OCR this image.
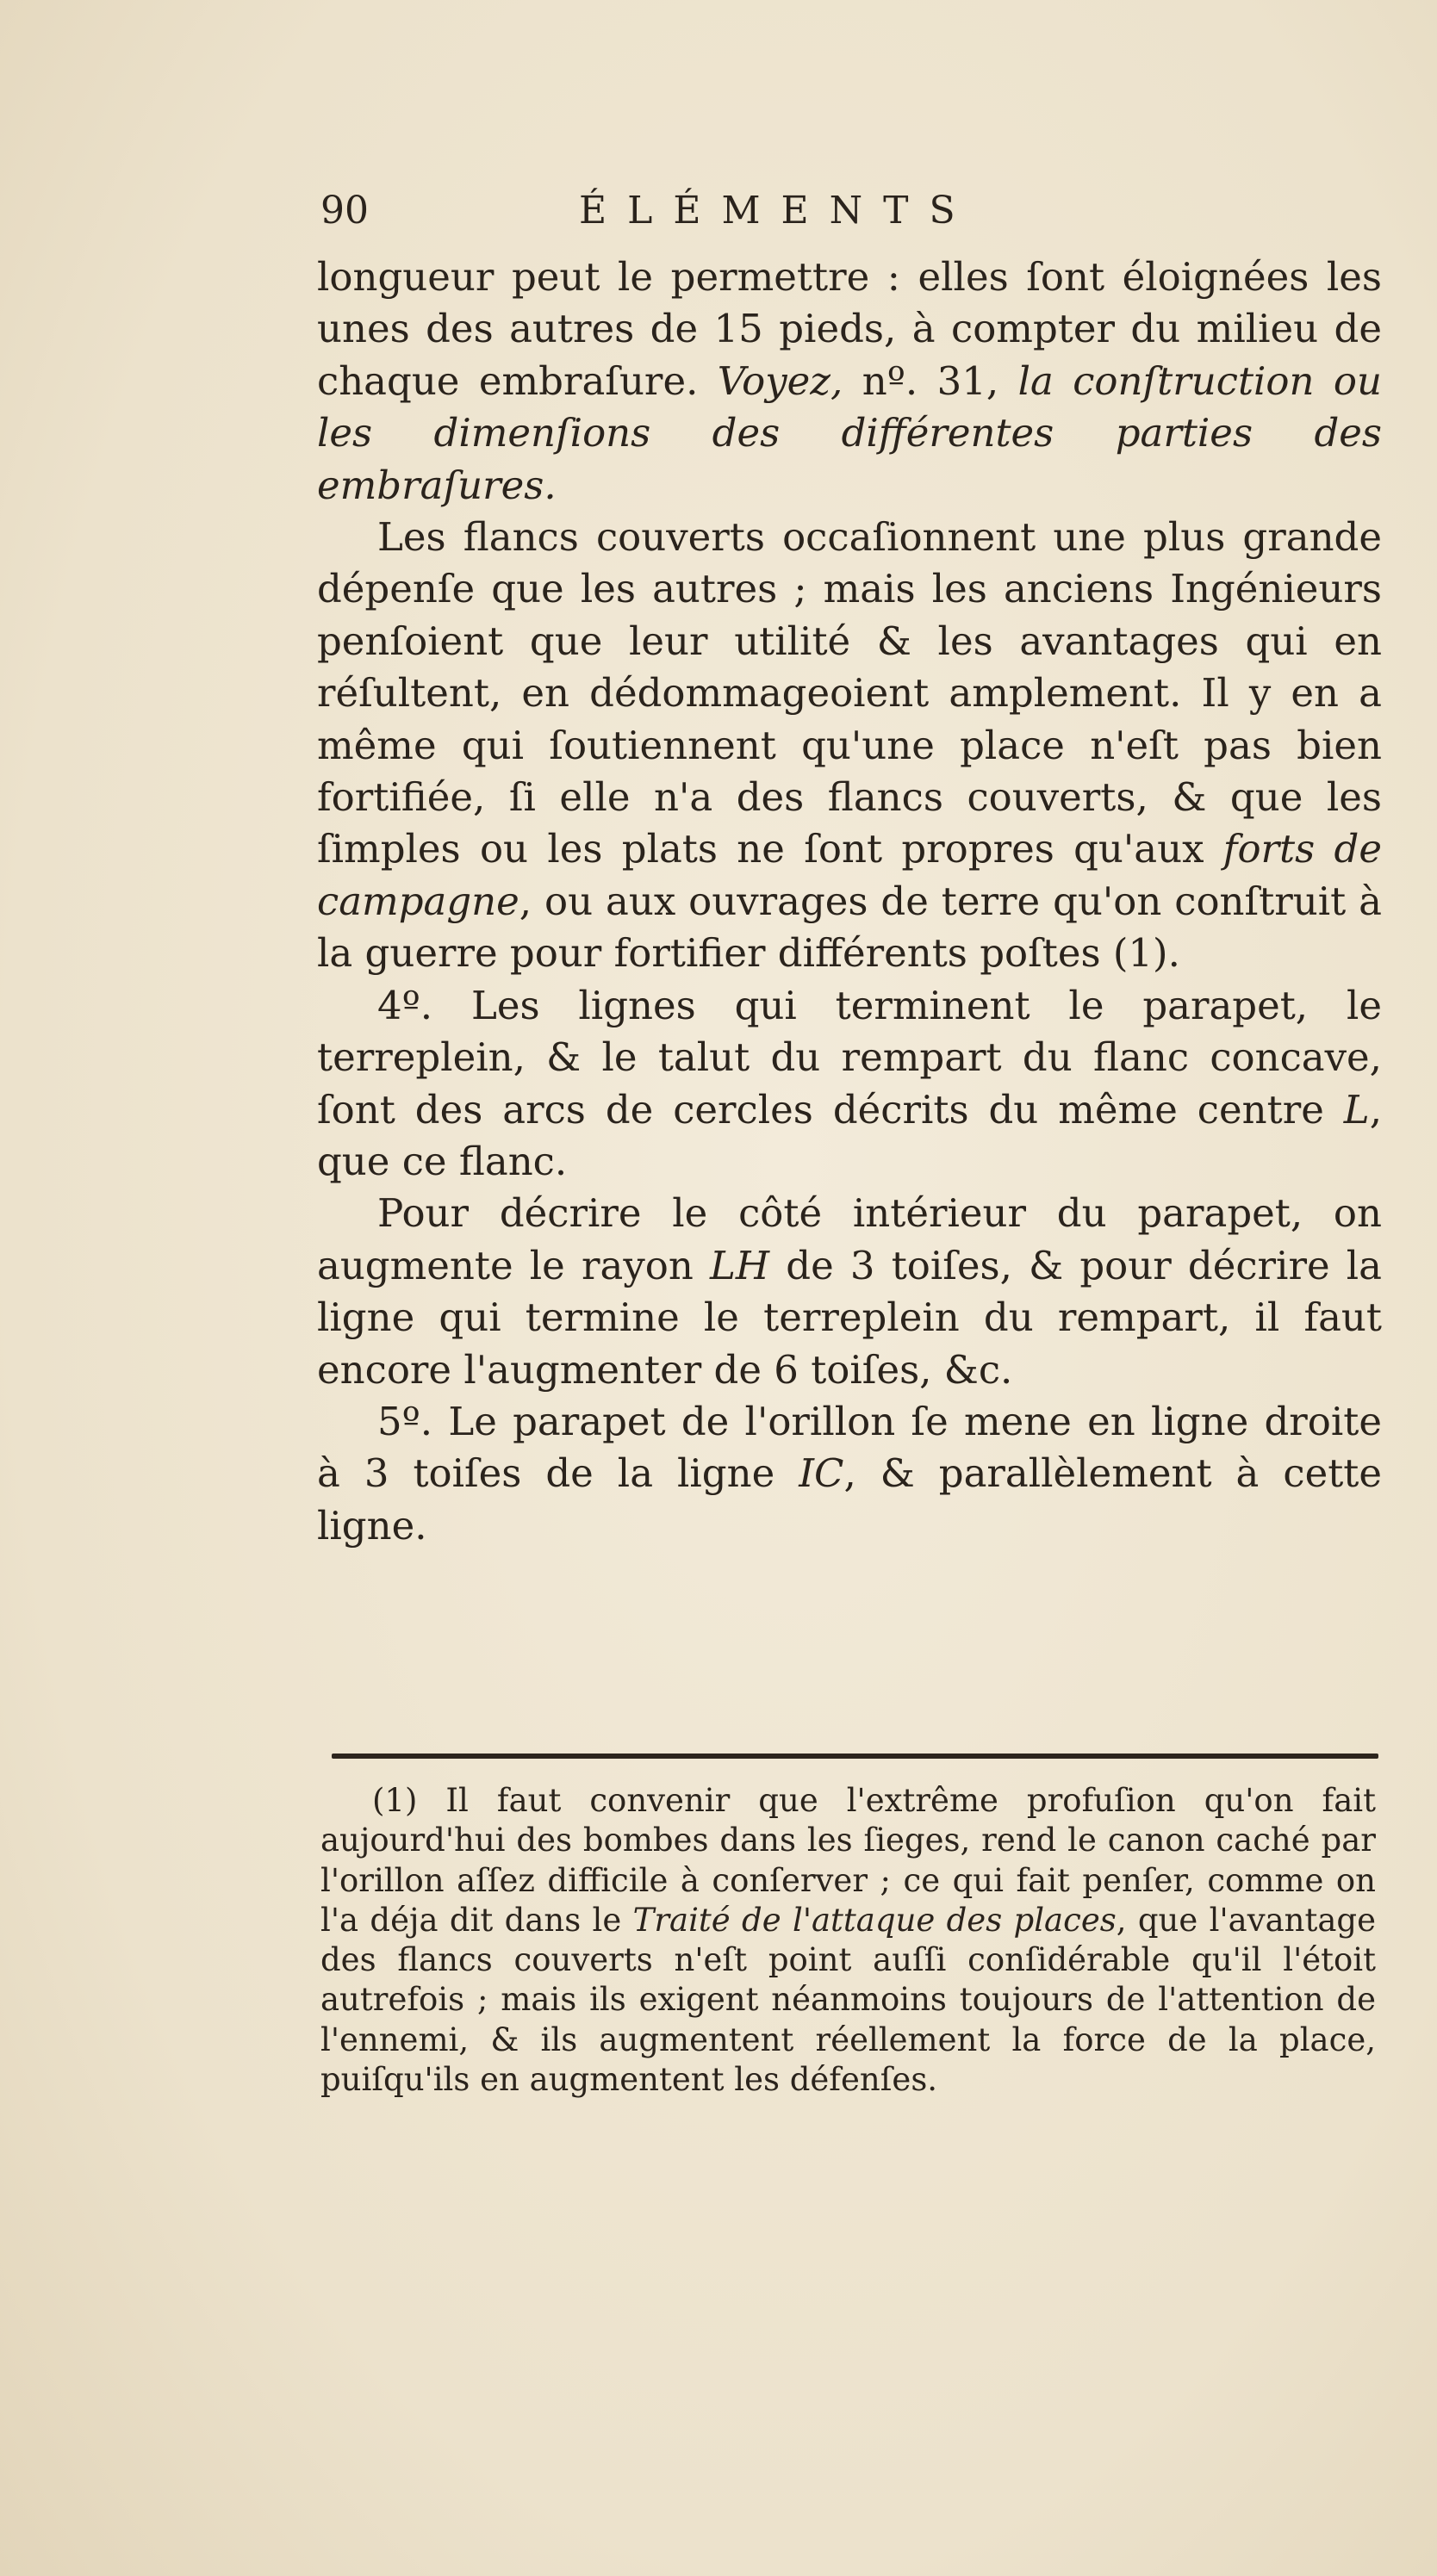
90	ÉLÉMENTS

longueur peut le permettre : elles ſont éloignées les unes des autres de 15 pieds, à compter du milieu de chaque embraſure. Voyez, nº. 31, la conſtruction ou les dimenſions des différentes parties des embraſures.

Les flancs couverts occaſionnent une plus grande dépenſe que les autres ; mais les anciens Ingénieurs penſoient que leur utilité & les avantages qui en réſultent, en dédommageoient amplement. Il y en a même qui ſoutiennent qu'une place n'eſt pas bien fortifiée, ſi elle n'a des flancs couverts, & que les ſimples ou les plats ne ſont propres qu'aux forts de campagne, ou aux ouvrages de terre qu'on conſtruit à la guerre pour fortifier différents poſtes (1).

4º. Les lignes qui terminent le parapet, le terreplein, & le talut du rempart du flanc concave, ſont des arcs de cercles décrits du même centre L, que ce flanc.

Pour décrire le côté intérieur du parapet, on augmente le rayon LH de 3 toiſes, & pour décrire la ligne qui termine le terreplein du rempart, il faut encore l'augmenter de 6 toiſes, &c.

5º. Le parapet de l'orillon ſe mene en ligne droite à 3 toiſes de la ligne IC, & parallèlement à cette ligne.

(1) Il faut convenir que l'extrême profuſion qu'on fait aujourd'hui des bombes dans les ſieges, rend le canon caché par l'orillon aſſez difficile à conſerver ; ce qui fait penſer, comme on l'a déja dit dans le Traité de l'attaque des places, que l'avantage des flancs couverts n'eſt point auſſi conſidérable qu'il l'étoit autrefois ; mais ils exigent néanmoins toujours de l'attention de l'ennemi, & ils augmentent réellement la force de la place, puiſqu'ils en augmentent les défenſes.
